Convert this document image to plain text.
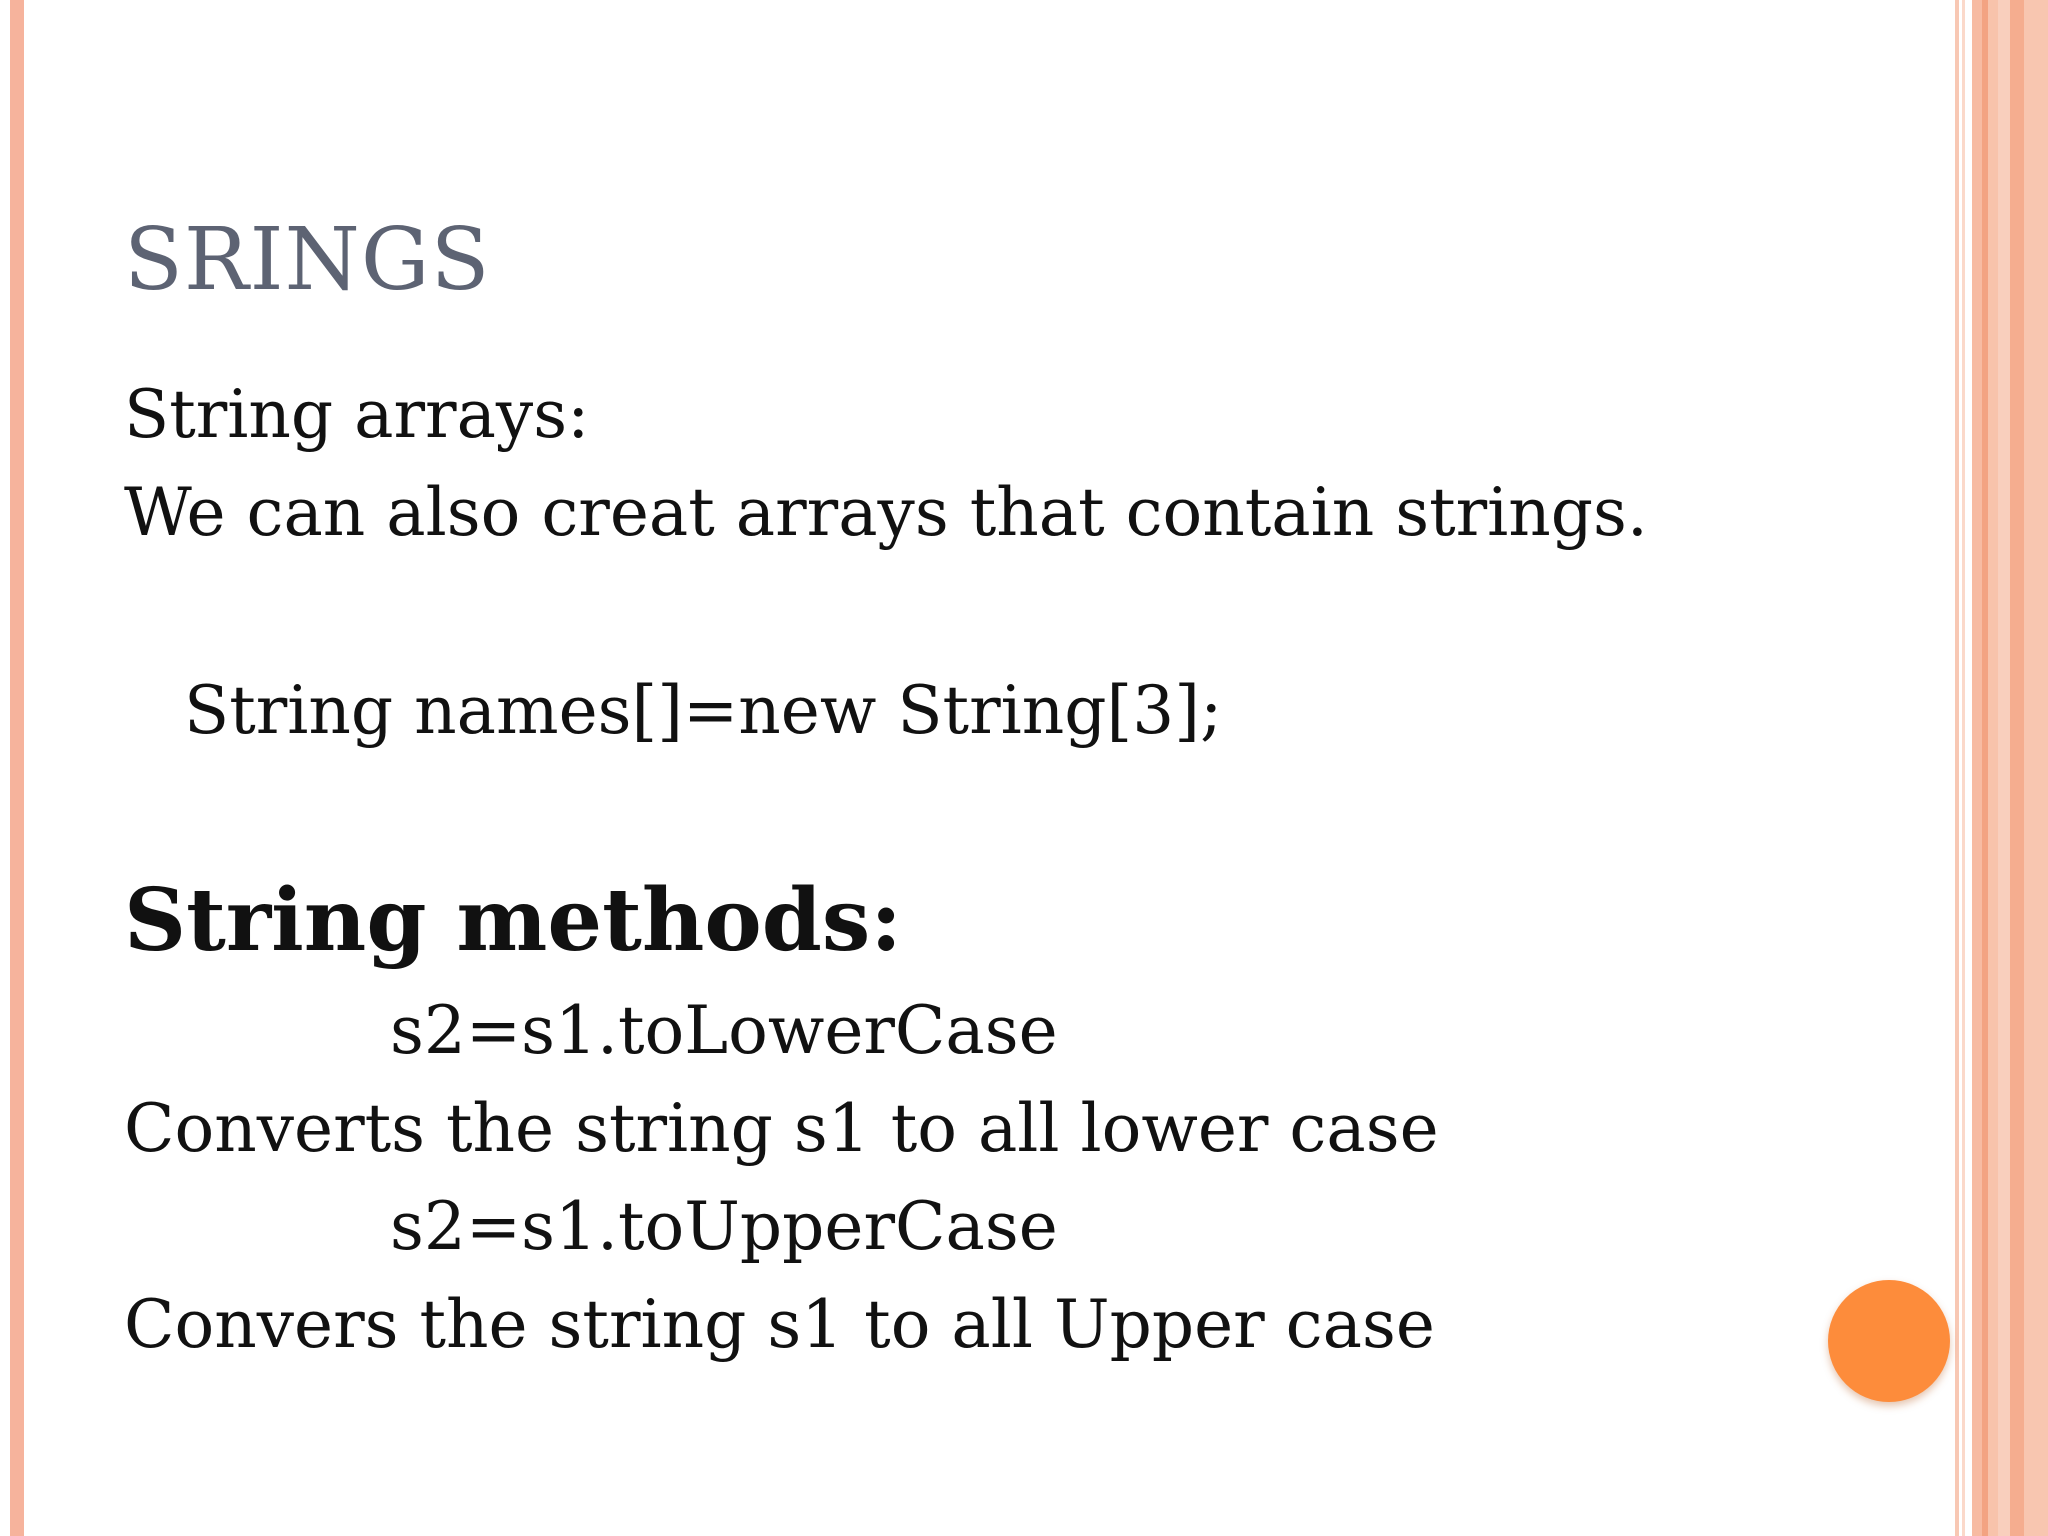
SRINGS

String arrays:

We can also creat arrays that contain strings.

String names[]=new String[3];

String methods:

s2=s1.toLowerCase

Converts the string s1 to all lower case

s2=s1.toUpperCase

Convers the string s1 to all Upper case
